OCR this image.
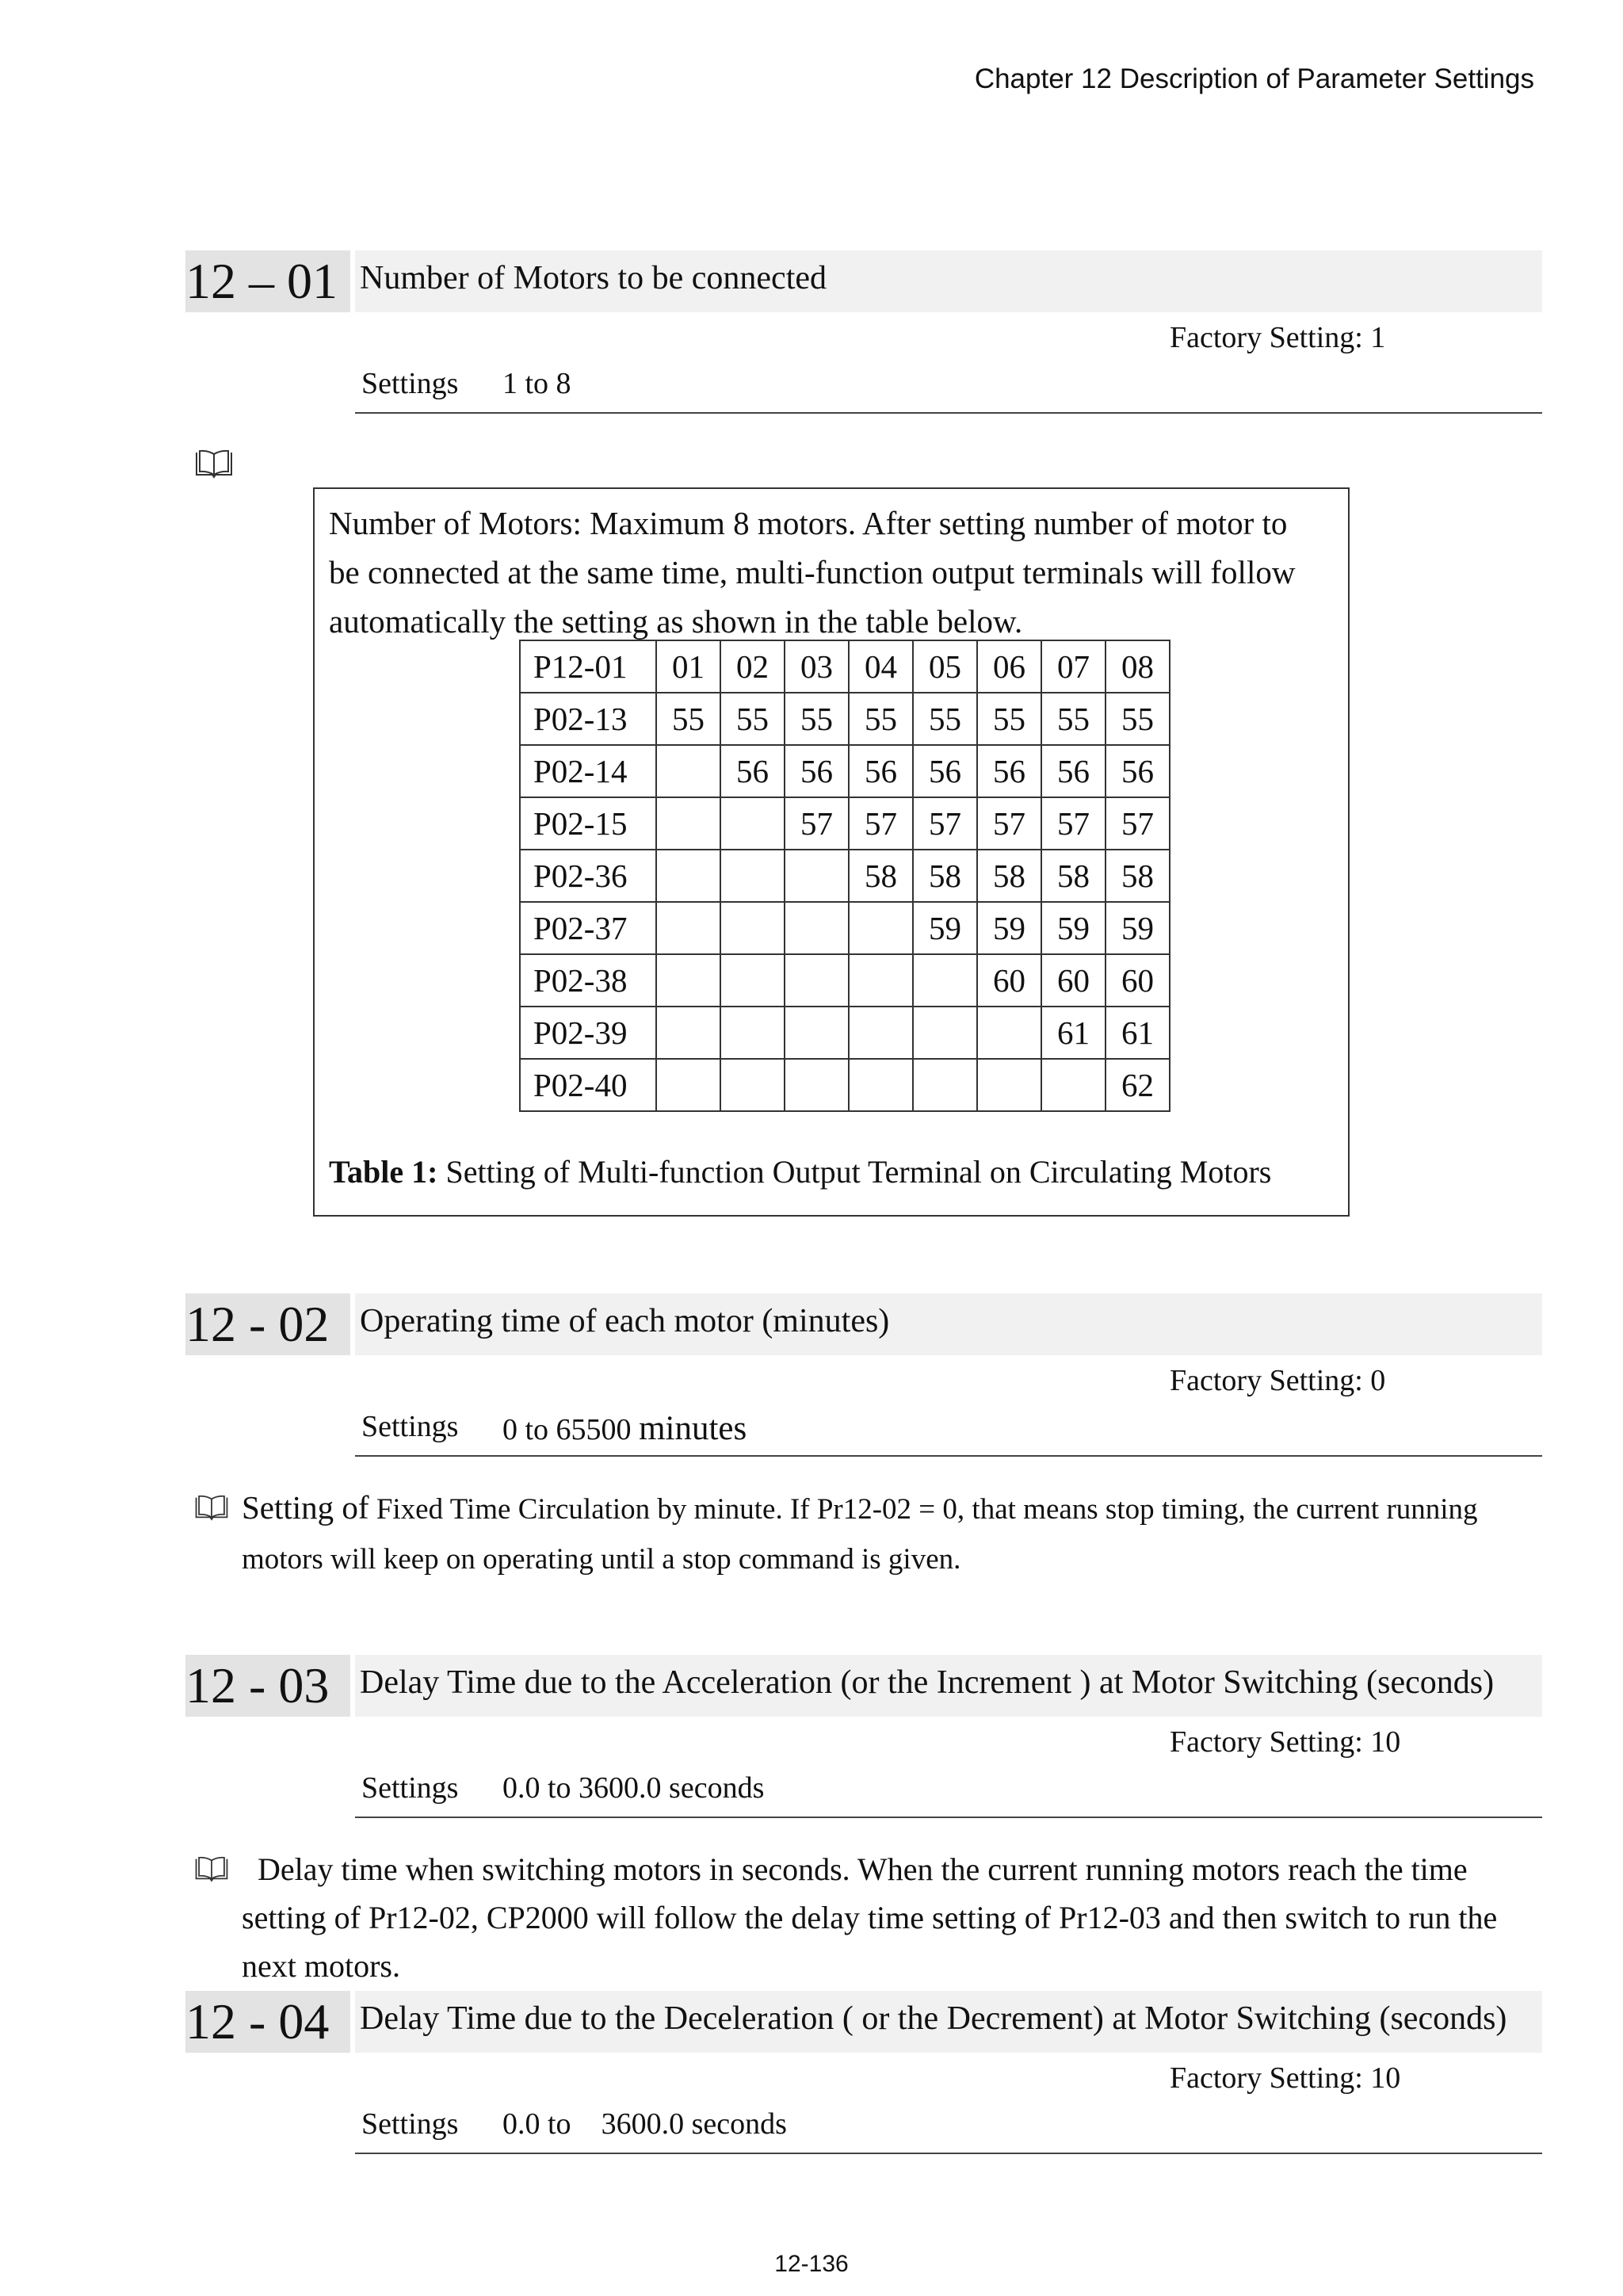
Chapter 12 Description of Parameter Settings
12 – 01 Number of Motors to be connected
Factory Setting: 1
Settings 1 to 8
Number of Motors: Maximum 8 motors. After setting number of motor to be connected at the same time, multi-function output terminals will follow automatically the setting as shown in the table below.
P12-01	01	02	03	04	05	06	07	08
P02-13	55	55	55	55	55	55	55	55
P02-14		56	56	56	56	56	56	56
P02-15			57	57	57	57	57	57
P02-36				58	58	58	58	58
P02-37					59	59	59	59
P02-38						60	60	60
P02-39							61	61
P02-40								62
Table 1: Setting of Multi-function Output Terminal on Circulating Motors
12 - 02 Operating time of each motor (minutes)
Factory Setting: 0
Settings 0 to 65500 minutes
Setting of Fixed Time Circulation by minute. If Pr12-02 = 0, that means stop timing, the current running motors will keep on operating until a stop command is given.
12 - 03 Delay Time due to the Acceleration (or the Increment ) at Motor Switching (seconds)
Factory Setting: 10
Settings 0.0 to 3600.0 seconds
Delay time when switching motors in seconds. When the current running motors reach the time setting of Pr12-02, CP2000 will follow the delay time setting of Pr12-03 and then switch to run the next motors.
12 - 04 Delay Time due to the Deceleration ( or the Decrement) at Motor Switching (seconds)
Factory Setting: 10
Settings 0.0 to 3600.0 seconds
12-136
